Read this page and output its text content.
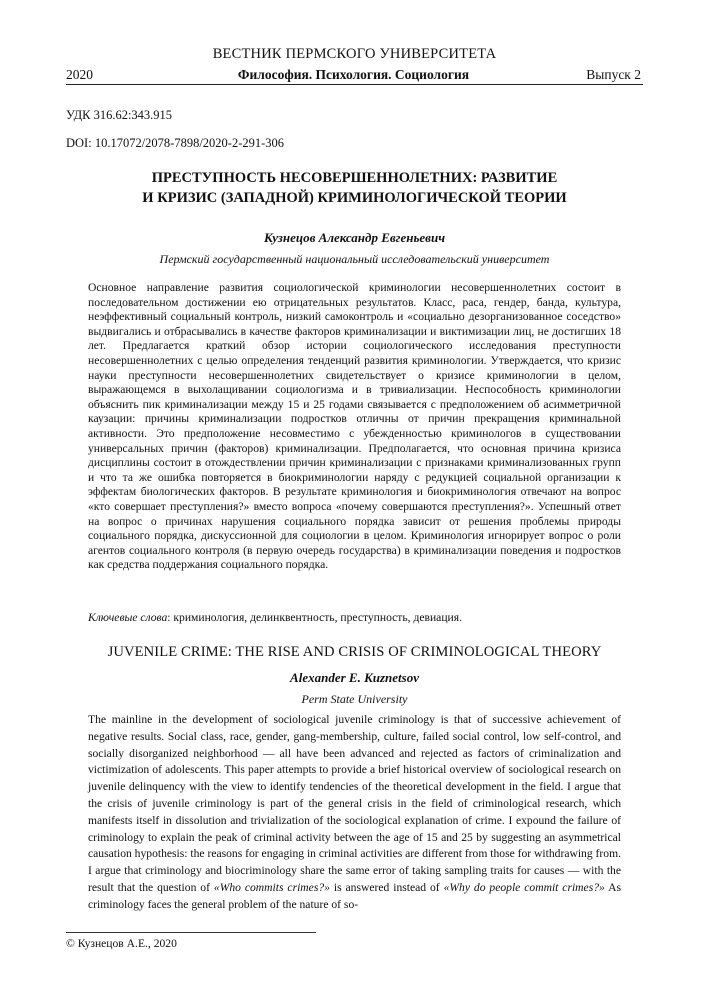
ВЕСТНИК ПЕРМСКОГО УНИВЕРСИТЕТА
2020	Философия. Психология. Социология	Выпуск 2
УДК 316.62:343.915
DOI: 10.17072/2078-7898/2020-2-291-306
ПРЕСТУПНОСТЬ НЕСОВЕРШЕННОЛЕТНИХ: РАЗВИТИЕ
И КРИЗИС (ЗАПАДНОЙ) КРИМИНОЛОГИЧЕСКОЙ ТЕОРИИ
Кузнецов Александр Евгеньевич
Пермский государственный национальный исследовательский университет
Основное направление развития социологической криминологии несовершеннолетних состоит в последовательном достижении ею отрицательных результатов. Класс, раса, гендер, банда, культура, неэффективный социальный контроль, низкий самоконтроль и «социально дезорганизованное соседство» выдвигались и отбрасывались в качестве факторов криминализации и виктимизации лиц, не достигших 18 лет. Предлагается краткий обзор истории социологического исследования преступности несовершеннолетних с целью определения тенденций развития криминологии. Утверждается, что кризис науки преступности несовершеннолетних свидетельствует о кризисе криминологии в целом, выражающемся в выхолащивании социологизма и в тривиализации. Неспособность криминологии объяснить пик криминализации между 15 и 25 годами связывается с предположением об асимметричной каузации: причины криминализации подростков отличны от причин прекращения криминальной активности. Это предположение несовместимо с убежденностью криминологов в существовании универсальных причин (факторов) криминализации. Предполагается, что основная причина кризиса дисциплины состоит в отождествлении причин криминализации с признаками криминализованных групп и что та же ошибка повторяется в биокриминологии наряду с редукцией социальной организации к эффектам биологических факторов. В результате криминология и биокриминология отвечают на вопрос «кто совершает преступления?» вместо вопроса «почему совершаются преступления?». Успешный ответ на вопрос о причинах нарушения социального порядка зависит от решения проблемы природы социального порядка, дискуссионной для социологии в целом. Криминология игнорирует вопрос о роли агентов социального контроля (в первую очередь государства) в криминализации поведения и подростков как средства поддержания социального порядка.
Ключевые слова: криминология, делинквентность, преступность, девиация.
JUVENILE CRIME: THE RISE AND CRISIS OF CRIMINOLOGICAL THEORY
Alexander E. Kuznetsov
Perm State University
The mainline in the development of sociological juvenile criminology is that of successive achievement of negative results. Social class, race, gender, gang-membership, culture, failed social control, low self-control, and socially disorganized neighborhood — all have been advanced and rejected as factors of criminalization and victimization of adolescents. This paper attempts to provide a brief historical overview of sociological research on juvenile delinquency with the view to identify tendencies of the theoretical development in the field. I argue that the crisis of juvenile criminology is part of the general crisis in the field of criminological research, which manifests itself in dissolution and trivialization of the sociological explanation of crime. I expound the failure of criminology to explain the peak of criminal activity between the age of 15 and 25 by suggesting an asymmetrical causation hypothesis: the reasons for engaging in criminal activities are different from those for withdrawing from. I argue that criminology and biocriminology share the same error of taking sampling traits for causes — with the result that the question of «Who commits crimes?» is answered instead of «Why do people commit crimes?» As criminology faces the general problem of the nature of so-
© Кузнецов А.Е., 2020
